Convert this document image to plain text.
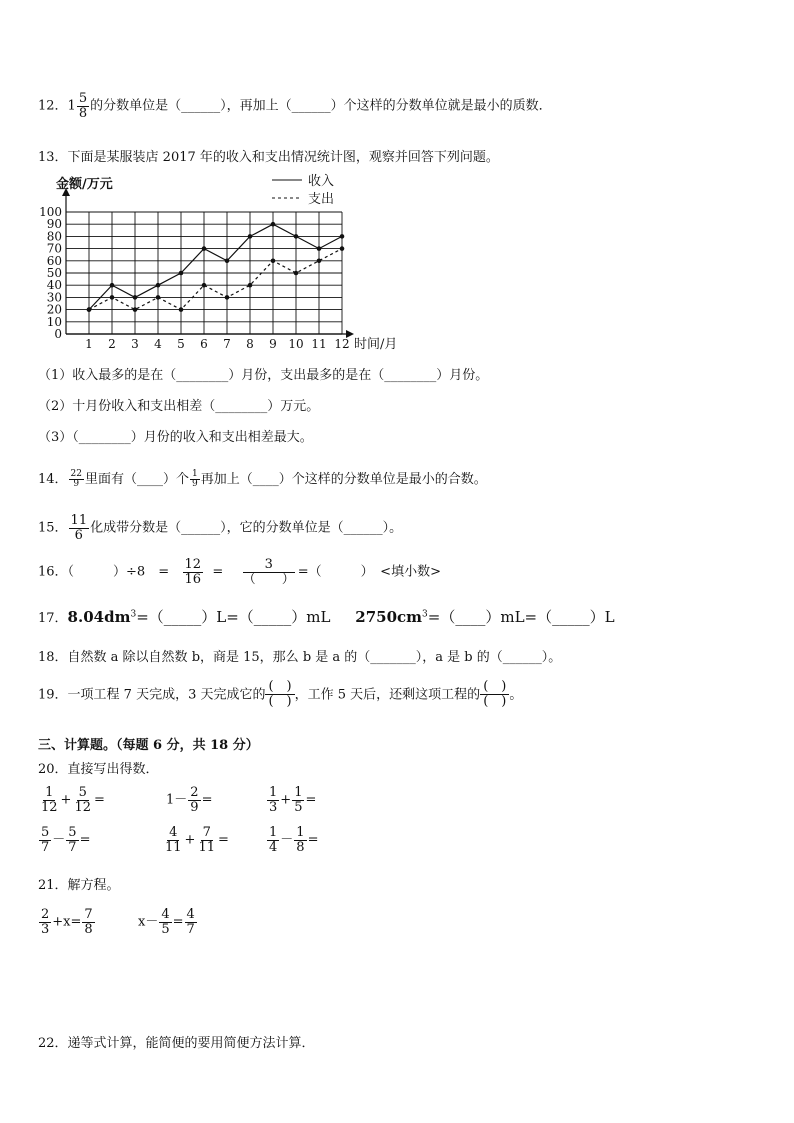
12．$1 \frac{5}{8}$ 的分数单位是（______），再加上（______）个这样的分数单位就是最小的质数．
13．下面是某服装店 2017 年的收入和支出情况统计图，观察并回答下列问题。
0
10
20
30
40
50
60
70
80
90
100
1 2 3 4 5 6 7 8 9 10 11 12
金额/万元
时间/月
收入
支出
（1）收入最多的是在（________）月份，支出最多的是在（________）月份。
（2）十月份收入和支出相差（________）万元。
（3）（________）月份的收入和支出相差最大。
14． $\frac{22}{9}$ 里面有（____）个 $\frac{1}{9}$ 再加上（____）个这样的分数单位是最小的合数。
15． $\frac{11}{6}$ 化成带分数是（______），它的分数单位是（______）。
16．（　　　）÷8　= $\frac{12}{16} = \frac{3}{( )}$ =（　　　）　<填小数>
17．$8.04dm^3=(\_\_\_\_\_)L=(\_\_\_\_\_)mL$ $2750cm^3=(\_\_\_\_)mL=(\_\_\_\_\_)L$
18．自然数 a 除以自然数 b，商是 15，那么 b 是 a 的（_______），a 是 b 的（______）。
19．一项工程 7 天完成，3 天完成它的
(　)
(　) ，工作 5 天后，还剩这项工程的
(　)
(　) 。
三、计算题。（每题 6 分，共 18 分）
20．直接写出得数．
$\frac{1}{12} + \frac{5}{12}$ =	$1- \frac{2}{9}$ =	$\frac{1}{3} + \frac{1}{5}$ =
$\frac{5}{7} - \frac{5}{7}$ =	$\frac{4}{11} + \frac{7}{11}$ =	$\frac{1}{4} - \frac{1}{8}$ =
21．解方程。
$\frac{2}{3} +x= \frac{7}{8}$	$x- \frac{4}{5} = \frac{4}{7}$
22．递等式计算，能简便的要用简便方法计算．
